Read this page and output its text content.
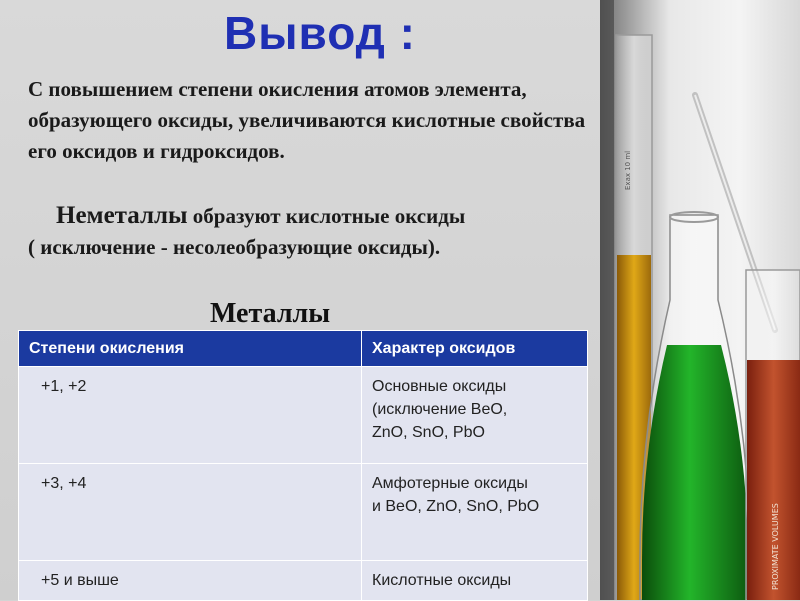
Вывод :
С повышением степени окисления атомов элемента, образующего оксиды, увеличиваются кислотные свойства его оксидов и гидроксидов.
Неметаллы образуют кислотные оксиды
( исключение - несолеобразующие оксиды).
Металлы
Степени окисления	Характер оксидов
+1, +2	Основные оксиды
(исключение BeO,
ZnO, SnO, PbO
+3, +4	Амфотерные оксиды
и BeO, ZnO, SnO, PbO
+5 и выше	Кислотные оксиды
Exax 10 ml
PROXIMATE VOLUMES
